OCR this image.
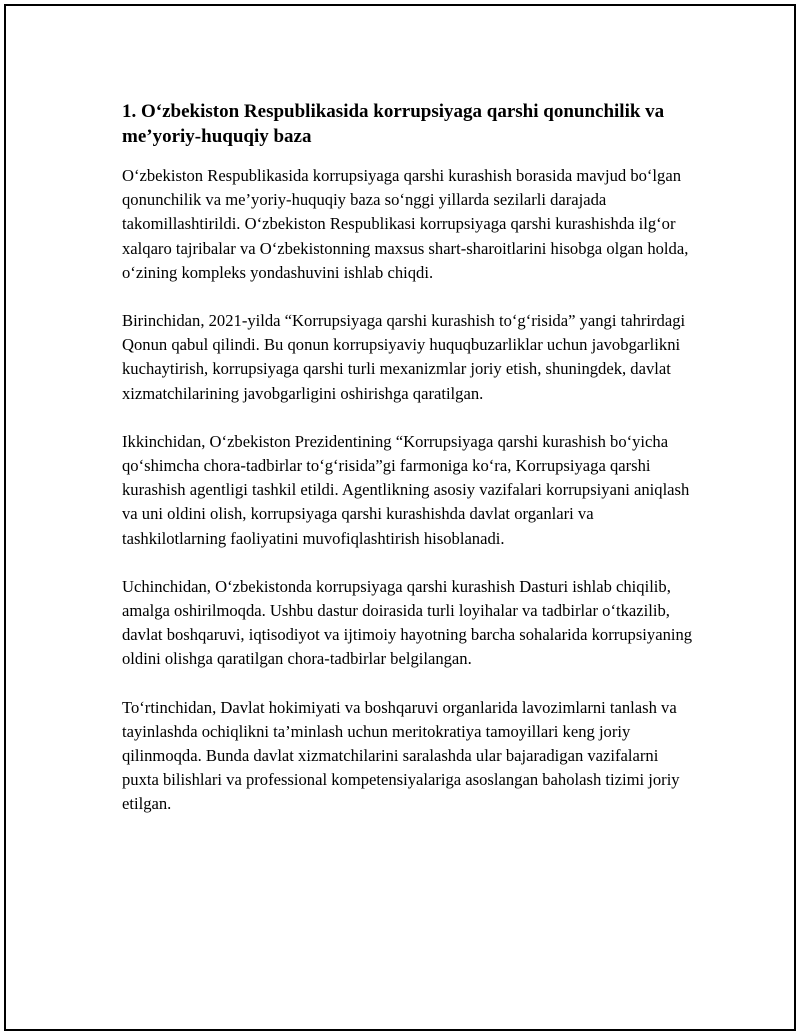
1. O‘zbekiston Respublikasida korrupsiyaga qarshi qonunchilik va me’yoriy-huquqiy baza

O‘zbekiston Respublikasida korrupsiyaga qarshi kurashish borasida mavjud bo‘lgan qonunchilik va me’yoriy-huquqiy baza so‘nggi yillarda sezilarli darajada takomillashtirildi. O‘zbekiston Respublikasi korrupsiyaga qarshi kurashishda ilg‘or xalqaro tajribalar va O‘zbekistonning maxsus shart-sharoitlarini hisobga olgan holda, o‘zining kompleks yondashuvini ishlab chiqdi.

Birinchidan, 2021-yilda “Korrupsiyaga qarshi kurashish to‘g‘risida” yangi tahrirdagi Qonun qabul qilindi. Bu qonun korrupsiyaviy huquqbuzarliklar uchun javobgarlikni kuchaytirish, korrupsiyaga qarshi turli mexanizmlar joriy etish, shuningdek, davlat xizmatchilarining javobgarligini oshirishga qaratilgan.

Ikkinchidan, O‘zbekiston Prezidentining “Korrupsiyaga qarshi kurashish bo‘yicha qo‘shimcha chora-tadbirlar to‘g‘risida”gi farmoniga ko‘ra, Korrupsiyaga qarshi kurashish agentligi tashkil etildi. Agentlikning asosiy vazifalari korrupsiyani aniqlash va uni oldini olish, korrupsiyaga qarshi kurashishda davlat organlari va tashkilotlarning faoliyatini muvofiqlashtirish hisoblanadi.

Uchinchidan, O‘zbekistonda korrupsiyaga qarshi kurashish Dasturi ishlab chiqilib, amalga oshirilmoqda. Ushbu dastur doirasida turli loyihalar va tadbirlar o‘tkazilib, davlat boshqaruvi, iqtisodiyot va ijtimoiy hayotning barcha sohalarida korrupsiyaning oldini olishga qaratilgan chora-tadbirlar belgilangan.

To‘rtinchidan, Davlat hokimiyati va boshqaruvi organlarida lavozimlarni tanlash va tayinlashda ochiqlikni ta’minlash uchun meritokratiya tamoyillari keng joriy qilinmoqda. Bunda davlat xizmatchilarini saralashda ular bajaradigan vazifalarni puxta bilishlari va professional kompetensiyalariga asoslangan baholash tizimi joriy etilgan.
